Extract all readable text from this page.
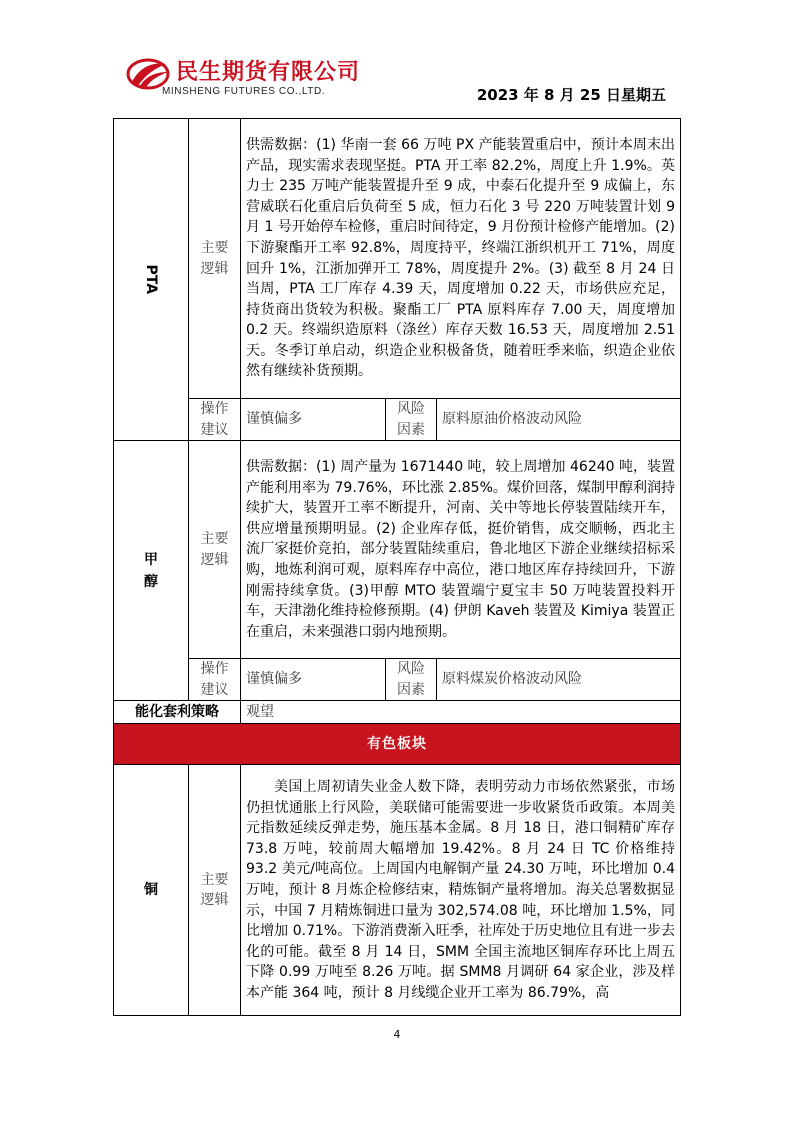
民生期货有限公司
MINSHENG FUTURES CO.,LTD.	2023 年 8 月 25 日星期五
PTA	主要逻辑	供需数据：(1) 华南一套 66 万吨 PX 产能装置重启中，预计本周末出产品，现实需求表现坚挺。PTA 开工率 82.2%，周度上升 1.9%。英力士 235 万吨产能装置提升至 9 成，中泰石化提升至 9 成偏上，东营威联石化重启后负荷至 5 成，恒力石化 3 号 220 万吨装置计划 9 月 1 号开始停车检修，重启时间待定，9 月份预计检修产能增加。(2) 下游聚酯开工率 92.8%，周度持平，终端江浙织机开工 71%，周度回升 1%，江浙加弹开工 78%，周度提升 2%。(3) 截至 8 月 24 日当周，PTA 工厂库存 4.39 天，周度增加 0.22 天，市场供应充足，持货商出货较为积极。聚酯工厂 PTA 原料库存 7.00 天，周度增加 0.2 天。终端织造原料（涤丝）库存天数 16.53 天，周度增加 2.51 天。冬季订单启动，织造企业积极备货，随着旺季来临，织造企业依然有继续补货预期。		
	操作建议	谨慎偏多	风险因素	原料原油价格波动风险
甲醇	主要逻辑	供需数据：(1) 周产量为 1671440 吨，较上周增加 46240 吨，装置产能利用率为 79.76%，环比涨 2.85%。煤价回落，煤制甲醇利润持续扩大，装置开工率不断提升，河南、关中等地长停装置陆续开车，供应增量预期明显。(2) 企业库存低，挺价销售，成交顺畅，西北主流厂家挺价竞拍，部分装置陆续重启，鲁北地区下游企业继续招标采购，地炼利润可观，原料库存中高位，港口地区库存持续回升，下游刚需持续拿货。(3)甲醇 MTO 装置端宁夏宝丰 50 万吨装置投料开车，天津渤化维持检修预期。(4) 伊朗 Kaveh 装置及 Kimiya 装置正在重启，未来强港口弱内地预期。		
	操作建议	谨慎偏多	风险因素	原料煤炭价格波动风险
能化套利策略		观望		
有色板块				
铜	主要逻辑	美国上周初请失业金人数下降，表明劳动力市场依然紧张，市场仍担忧通胀上行风险，美联储可能需要进一步收紧货币政策。本周美元指数延续反弹走势，施压基本金属。8 月 18 日，港口铜精矿库存 73.8 万吨，较前周大幅增加 19.42%。8 月 24 日 TC 价格维持 93.2 美元/吨高位。上周国内电解铜产量 24.30 万吨，环比增加 0.4 万吨，预计 8 月炼企检修结束，精炼铜产量将增加。海关总署数据显示，中国 7 月精炼铜进口量为 302,574.08 吨，环比增加 1.5%，同比增加 0.71%。下游消费渐入旺季，社库处于历史地位且有进一步去化的可能。截至 8 月 14 日，SMM 全国主流地区铜库存环比上周五下降 0.99 万吨至 8.26 万吨。据 SMM8 月调研 64 家企业，涉及样本产能 364 吨，预计 8 月线缆企业开工率为 86.79%，高		
4
